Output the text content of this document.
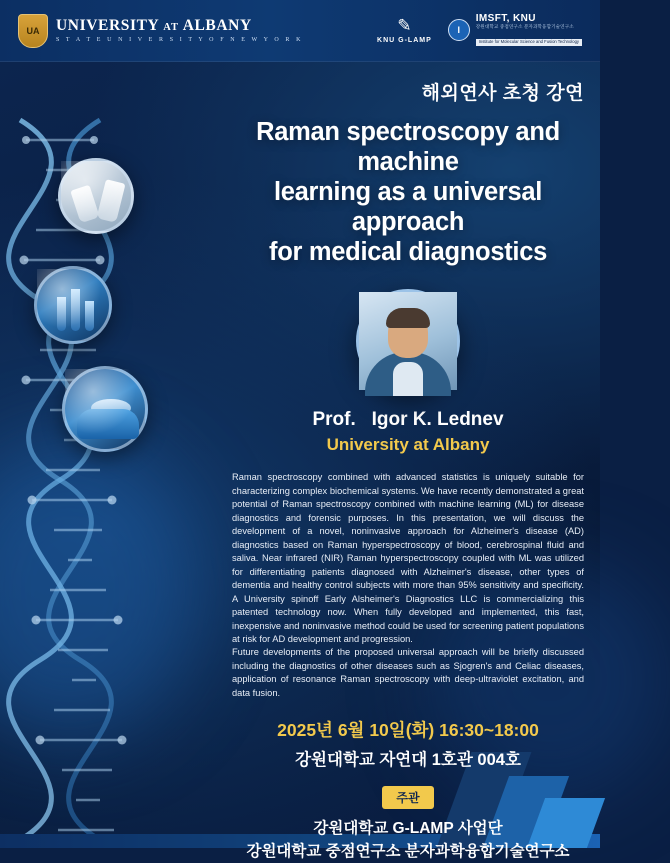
UA UNIVERSITY AT ALBANY
S T A T E U N I V E R S I T Y O F N E W Y O R K
✎
KNU G-LAMP
I
IMSFT, KNU
강원대학교 중점연구소 분자과학융합기술연구소
Institute for Molecular Science and Fusion Technology
해외연사 초청 강연
Raman spectroscopy and machine
learning as a universal approach
for medical diagnostics
Prof. Igor K. Lednev
University at Albany

Raman spectroscopy combined with advanced statistics is uniquely suitable for characterizing complex biochemical systems. We have recently demonstrated a great potential of Raman spectroscopy combined with machine learning (ML) for disease diagnostics and forensic purposes. In this presentation, we will discuss the development of a novel, noninvasive approach for Alzheimer's disease (AD) diagnostics based on Raman hyperspectroscopy of blood, cerebrospinal fluid and saliva. Near infrared (NIR) Raman hyperspectroscopy coupled with ML was utilized for differentiating patients diagnosed with Alzheimer's disease, other types of dementia and healthy control subjects with more than 95% sensitivity and specificity. A University spinoff Early Alsheimer's Diagnostics LLC is commercializing this patented technology now. When fully developed and implemented, this fast, inexpensive and noninvasive method could be used for screening patient populations at risk for AD development and progression.

Future developments of the proposed universal approach will be briefly discussed including the diagnostics of other diseases such as Sjogren's and Celiac diseases, application of resonance Raman spectroscopy with deep-ultraviolet excitation, and data fusion.

2025년 6월 10일(화) 16:30~18:00
강원대학교 자연대 1호관 004호
주관
강원대학교 G-LAMP 사업단
강원대학교 중점연구소 분자과학융합기술연구소
